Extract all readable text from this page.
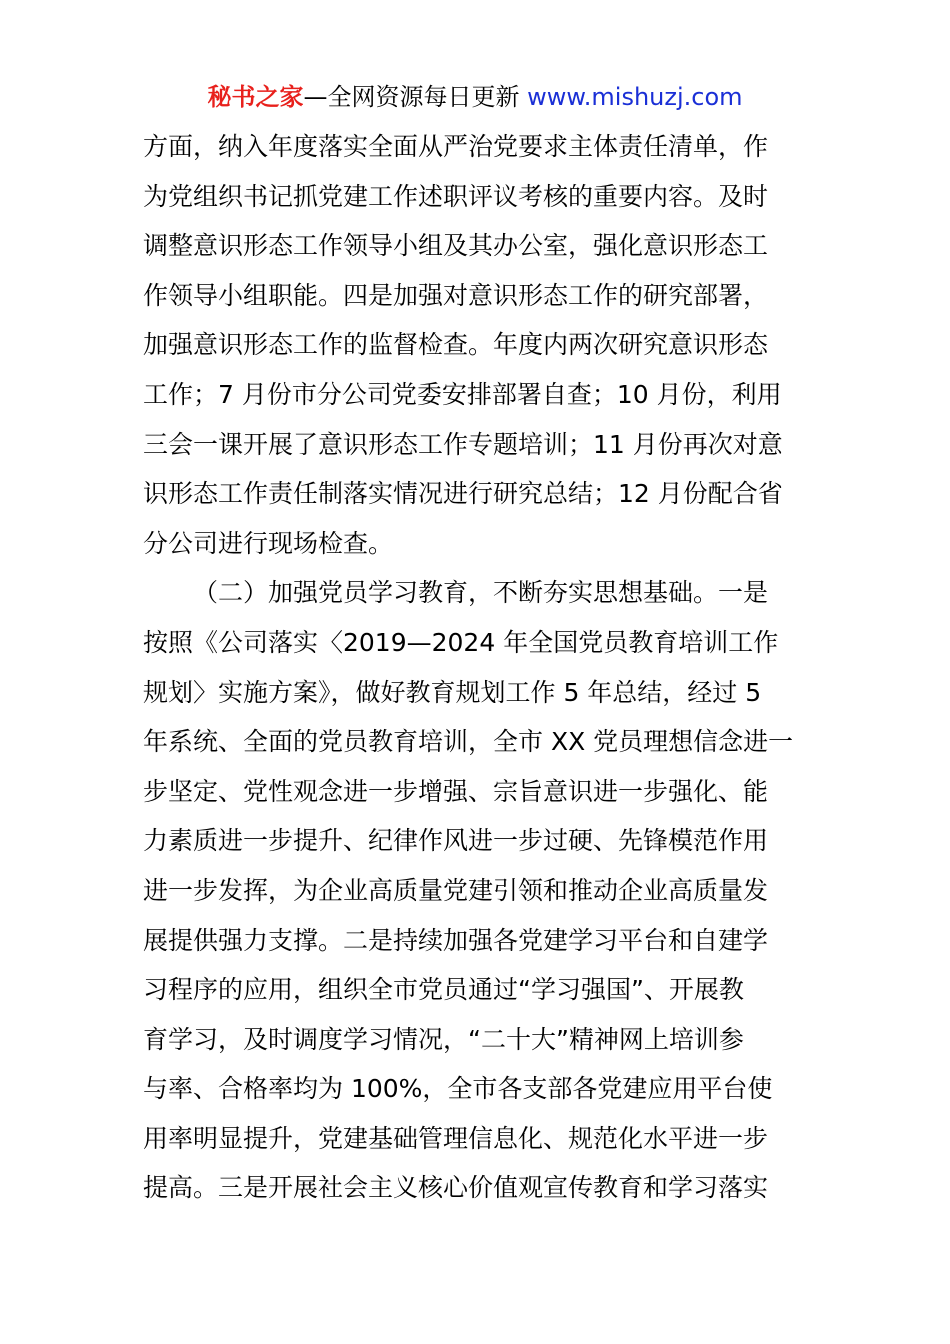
秘书之家—全网资源每日更新 www.mishuzj.com
方面，纳入年度落实全面从严治党要求主体责任清单，作
为党组织书记抓党建工作述职评议考核的重要内容。及时
调整意识形态工作领导小组及其办公室，强化意识形态工
作领导小组职能。四是加强对意识形态工作的研究部署，
加强意识形态工作的监督检查。年度内两次研究意识形态
工作；7 月份市分公司党委安排部署自查；10 月份，利用
三会一课开展了意识形态工作专题培训；11 月份再次对意
识形态工作责任制落实情况进行研究总结；12 月份配合省
分公司进行现场检查。
（二）加强党员学习教育，不断夯实思想基础。一是
按照《公司落实〈2019—2024 年全国党员教育培训工作
规划〉实施方案》，做好教育规划工作 5 年总结，经过 5
年系统、全面的党员教育培训，全市 XX 党员理想信念进一
步坚定、党性观念进一步增强、宗旨意识进一步强化、能
力素质进一步提升、纪律作风进一步过硬、先锋模范作用
进一步发挥，为企业高质量党建引领和推动企业高质量发
展提供强力支撑。二是持续加强各党建学习平台和自建学
习程序的应用，组织全市党员通过“学习强国”、开展教
育学习，及时调度学习情况，“二十大”精神网上培训参
与率、合格率均为 100%，全市各支部各党建应用平台使
用率明显提升，党建基础管理信息化、规范化水平进一步
提高。三是开展社会主义核心价值观宣传教育和学习落实
